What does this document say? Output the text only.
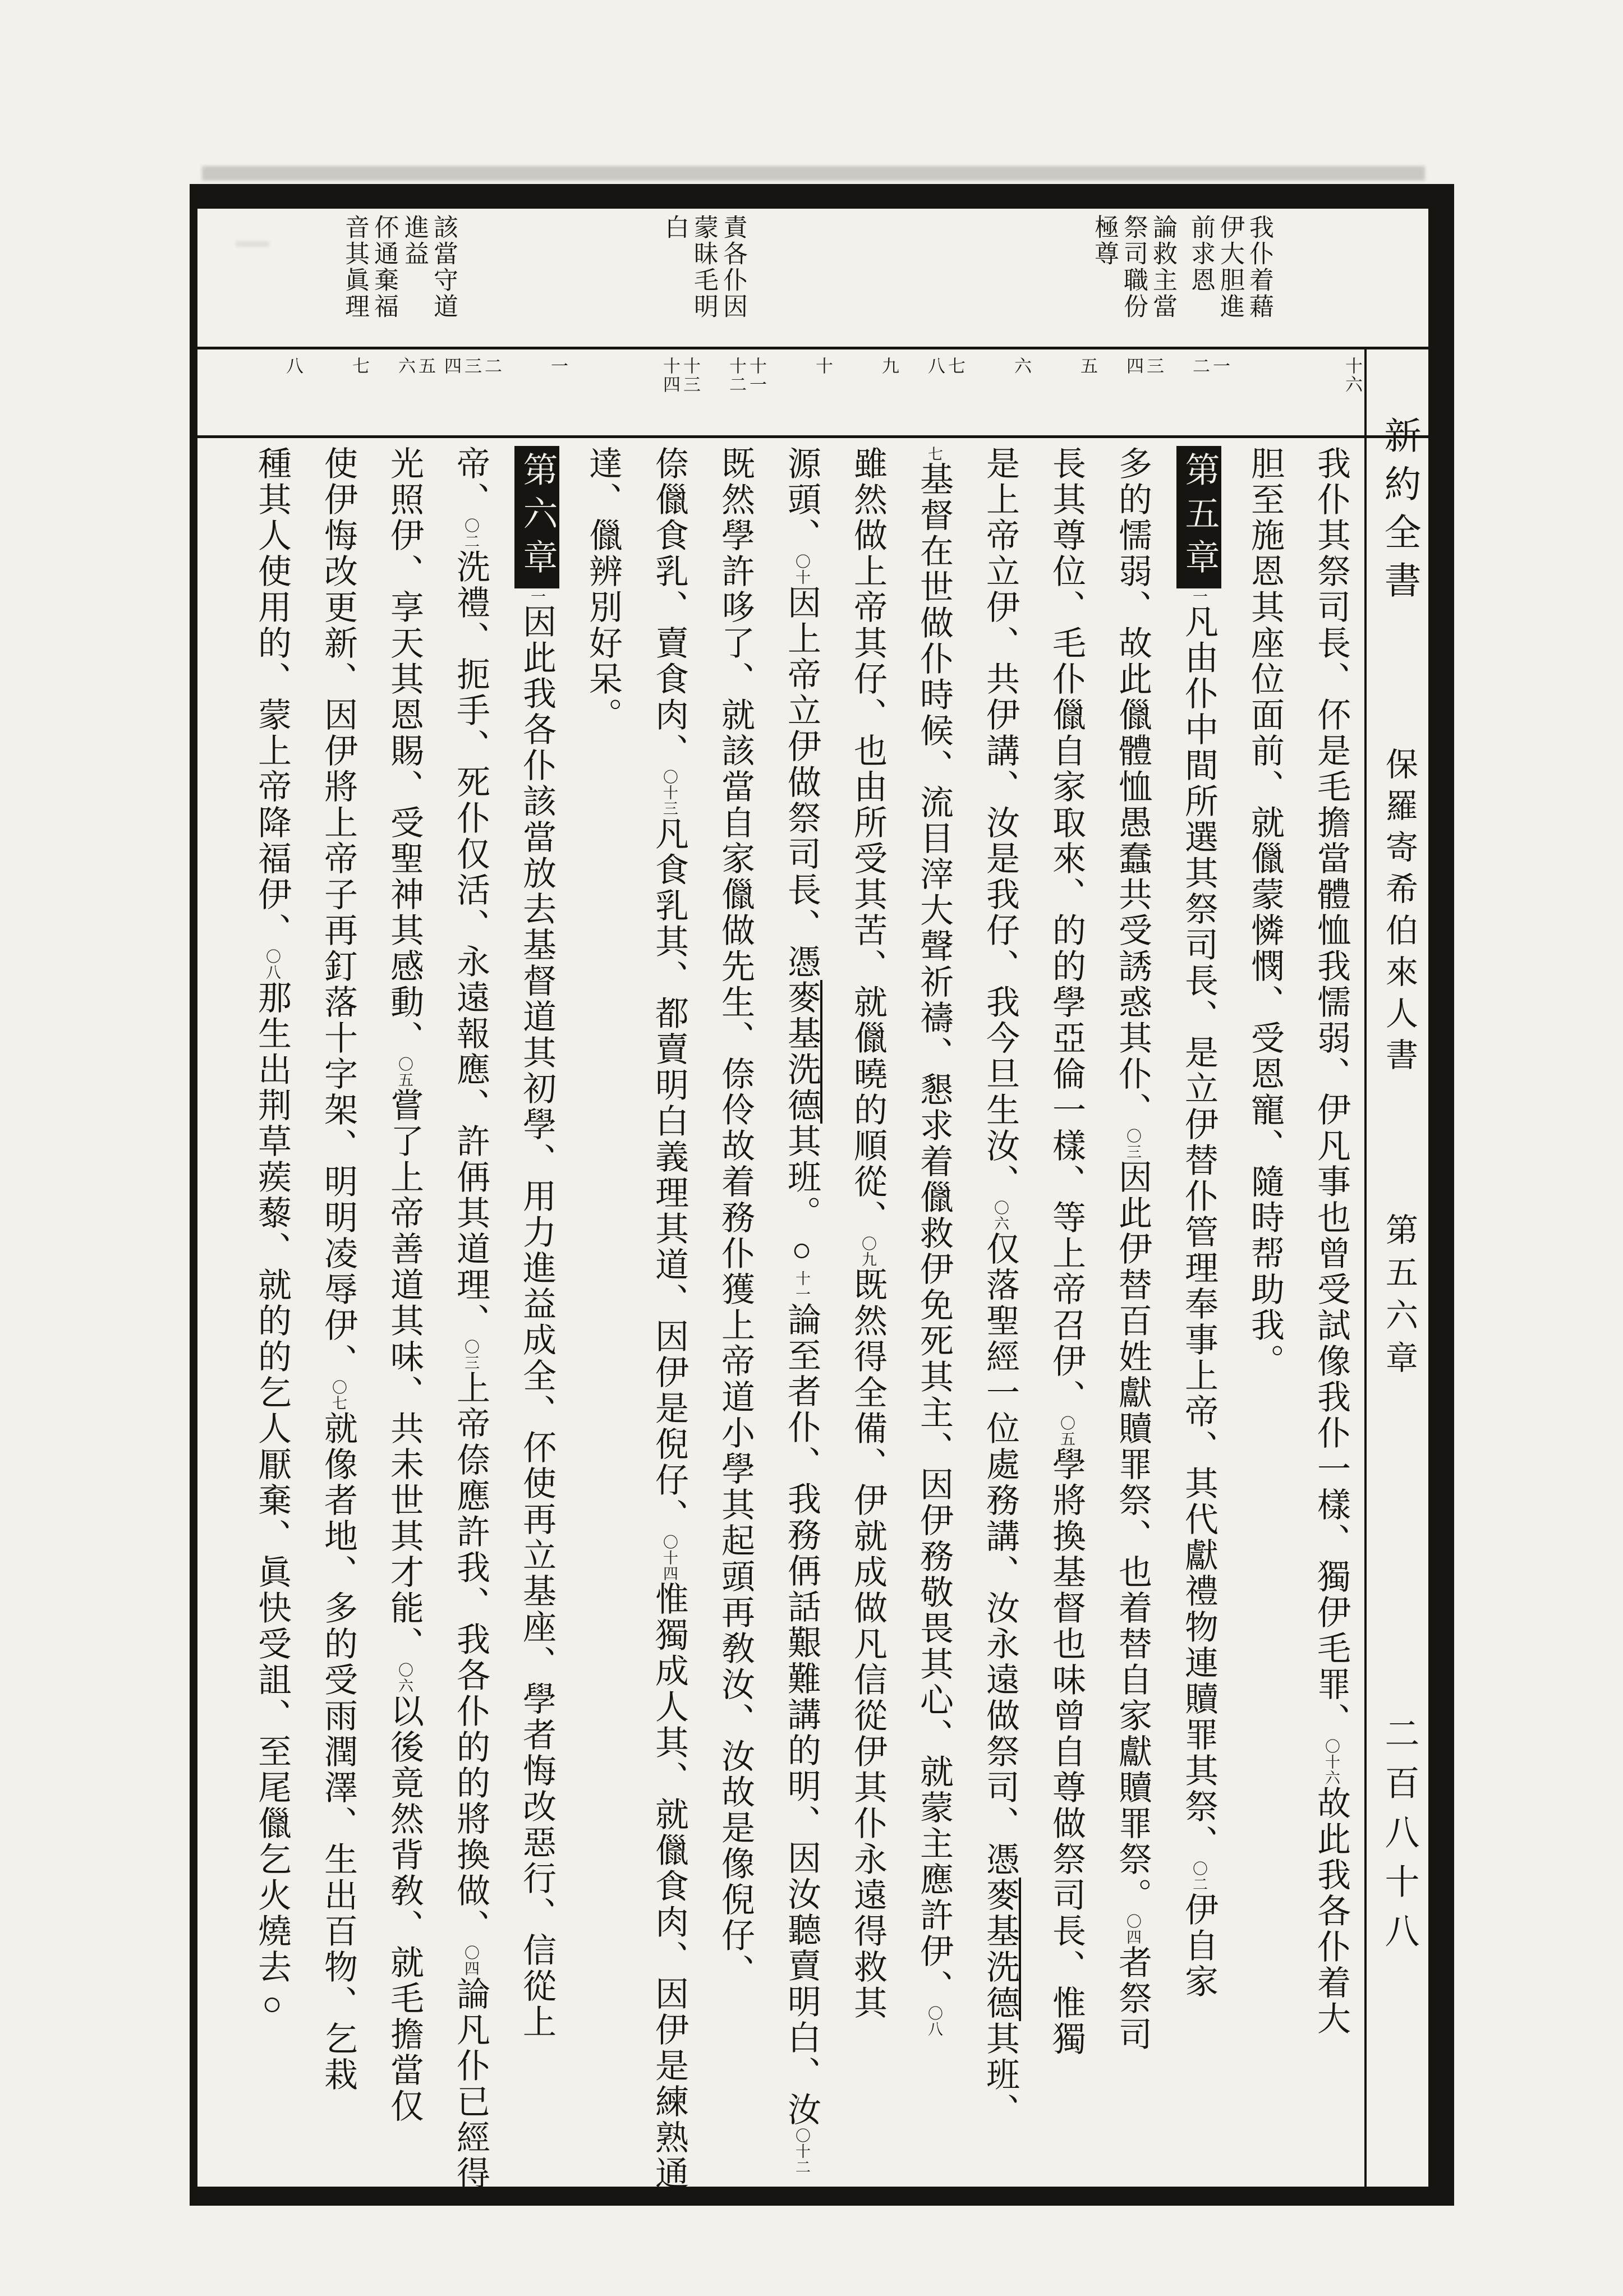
我仆着藉
伊大胆進
前求恩
論救主當
祭司職份
極尊
責各仆因
蒙昧毛明
白
該當守道
進益
伓通棄福
音其眞理
十六
一
二
三
四
五
六
七
八
九
十
十一
十二
十三
十四
一
二
三
四
五
六
七
八
我仆其祭司長、伓是毛擔當體恤我懦弱、伊凡事也曾受試像我仆一樣、獨伊毛罪、〇十六故此我各仆着大
胆至施恩其座位面前、就儠蒙憐憫、受恩寵、隨時帮助我。
第五章一凡由仆中間所選其祭司長、是立伊替仆管理奉事上帝、其代獻禮物連贖罪其祭、〇二伊自家
多的懦弱、故此儠體恤愚蠢共受誘惑其仆、〇三因此伊替百姓獻贖罪祭、也着替自家獻贖罪祭。〇四者祭司
長其尊位、毛仆儠自家取來、的的學亞倫一樣、等上帝召伊、〇五學將換基督也味曾自尊做祭司長、惟獨
是上帝立伊、共伊講、汝是我仔、我今旦生汝、〇六仅落聖經一位處務講、汝永遠做祭司、憑麥基洗德其班、
七基督在世做仆時候、流目滓大聲祈禱、懇求着儠救伊免死其主、因伊務敬畏其心、就蒙主應許伊、〇八
雖然做上帝其仔、也由所受其苦、就儠曉的順從、〇九既然得全備、伊就成做凡信從伊其仆永遠得救其
源頭、〇十因上帝立伊做祭司長、憑麥基洗德其班。○十一論至者仆、我務侢話艱難講的明、因汝聽賣明白、汝〇十二
既然學許哆了、就該當自家儠做先生、倷伶故着務仆獲上帝道小學其起頭再敎汝、汝故是像倪仔、
倷儠食乳、賣食肉、〇十三凡食乳其、都賣明白義理其道、因伊是倪仔、〇十四惟獨成人其、就儠食肉、因伊是練熟通
達、儠辨別好呆。
第六章一因此我各仆該當放去基督道其初學、用力進益成全、伓使再立基座、學者悔改惡行、信從上
帝、〇二洗禮、扼手、死仆仅活、永遠報應、許侢其道理、〇三上帝倷應許我、我各仆的的將換做、〇四論凡仆已經得
光照伊、享天其恩賜、受聖神其感動、〇五嘗了上帝善道其味、共未世其才能、〇六以後竟然背敎、就毛擔當仅
使伊悔改更新、因伊將上帝子再釘落十字架、明明凌辱伊、〇七就像者地、多的受雨潤澤、生出百物、乞栽
種其人使用的、蒙上帝降福伊、〇八那生出荆草蒺藜、就的的乞人厭棄、眞快受詛、至尾儠乞火燒去○
新約全書
保羅寄希伯來人書
第五六章
二百八十八
